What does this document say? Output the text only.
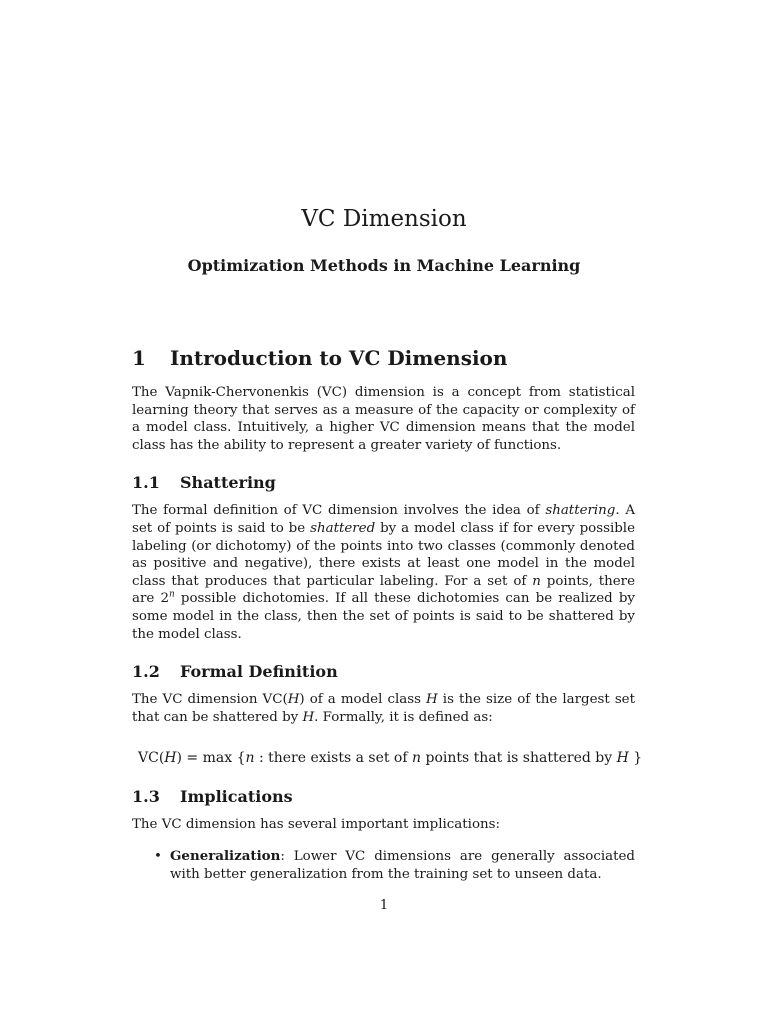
VC Dimension
Optimization Methods in Machine Learning
1 Introduction to VC Dimension

The Vapnik-Chervonenkis (VC) dimension is a concept from statistical learning theory that serves as a measure of the capacity or complexity of a model class. Intuitively, a higher VC dimension means that the model class has the ability to represent a greater variety of functions.

1.1 Shattering

The formal definition of VC dimension involves the idea of shattering. A set of points is said to be shattered by a model class if for every possible labeling (or dichotomy) of the points into two classes (commonly denoted as positive and negative), there exists at least one model in the model class that produces that particular labeling. For a set of n points, there are 2$^n$ possible dichotomies. If all these dichotomies can be realized by some model in the class, then the set of points is said to be shattered by the model class.

1.2 Formal Definition

The VC dimension VC(H) of a model class H is the size of the largest set that can be shattered by H. Formally, it is defined as:

VC(H) = max {n : there exists a set of n points that is shattered by H }
1.3 Implications

The VC dimension has several important implications:

• Generalization: Lower VC dimensions are generally associated with better generalization from the training set to unseen data.
1
